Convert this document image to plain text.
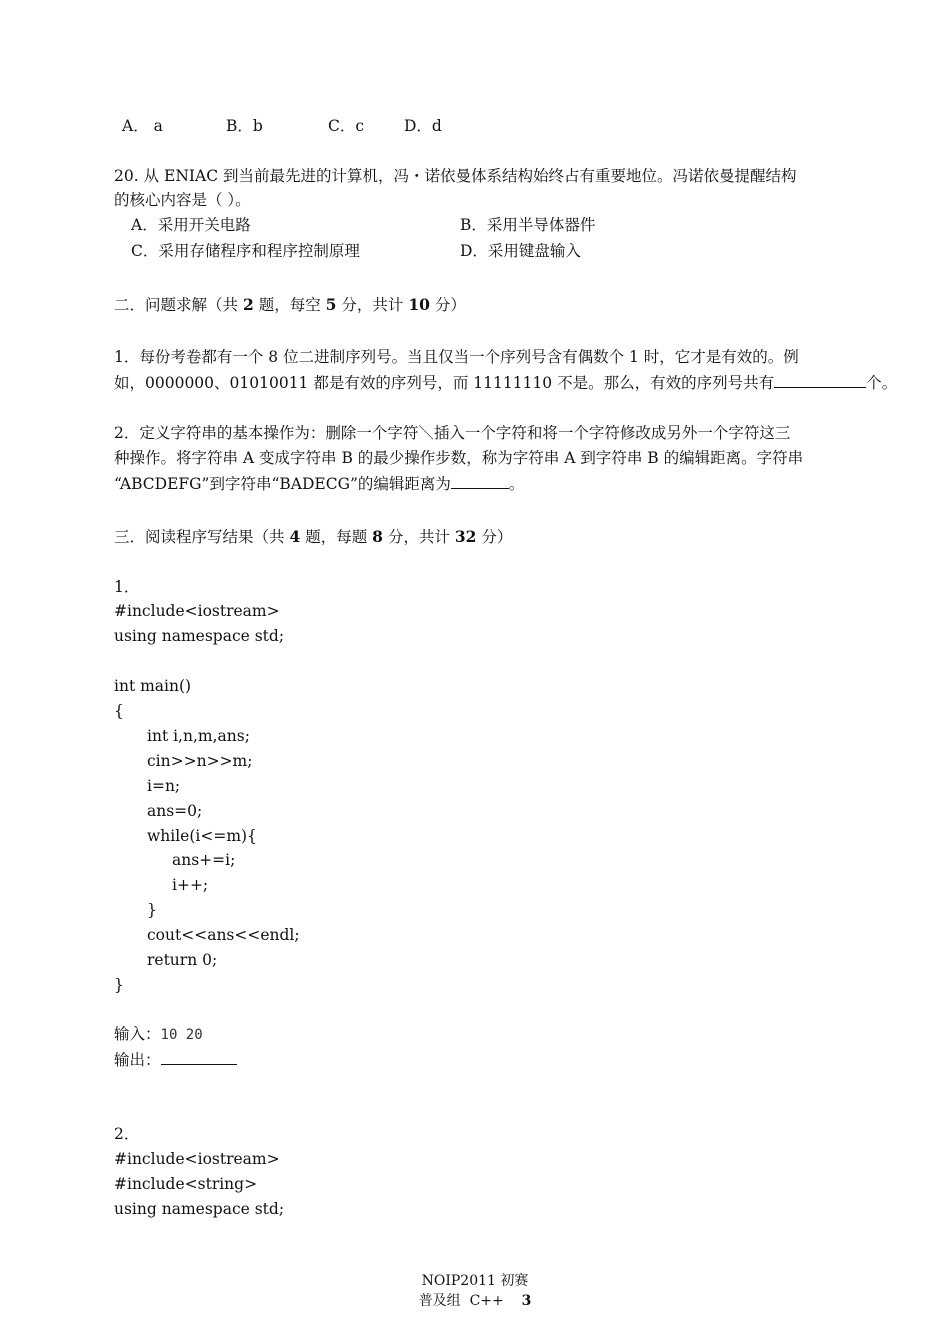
A． a	B．b	C．c	D．d
20. 从 ENIAC 到当前最先进的计算机，冯・诺依曼体系结构始终占有重要地位。冯诺依曼提醒结构
的核心内容是（ ）。
A．采用开关电路	B．采用半导体器件
C．采用存储程序和程序控制原理	D．采用键盘输入
二．问题求解（共 2 题，每空 5 分，共计 10 分）
1．每份考卷都有一个 8 位二进制序列号。当且仅当一个序列号含有偶数个 1 时，它才是有效的。例
如，0000000、01010011 都是有效的序列号，而 11111110 不是。那么，有效的序列号共有	个。
2．定义字符串的基本操作为：删除一个字符＼插入一个字符和将一个字符修改成另外一个字符这三
种操作。将字符串 A 变成字符串 B 的最少操作步数，称为字符串 A 到字符串 B 的编辑距离。字符串
“ABCDEFG”到字符串“BADECG”的编辑距离为	。
三．阅读程序写结果（共 4 题，每题 8 分，共计 32 分）
1．
#include<iostream>
using namespace std;
int main()
{
int i,n,m,ans;
cin>>n>>m;
i=n;
ans=0;
while(i<=m){
ans+=i;
i++;
}
cout<<ans<<endl;
return 0;
}
输入：10 20
输出：
2．
#include<iostream>
#include<string>
using namespace std;
NOIP2011 初赛
普及组  C++    3
